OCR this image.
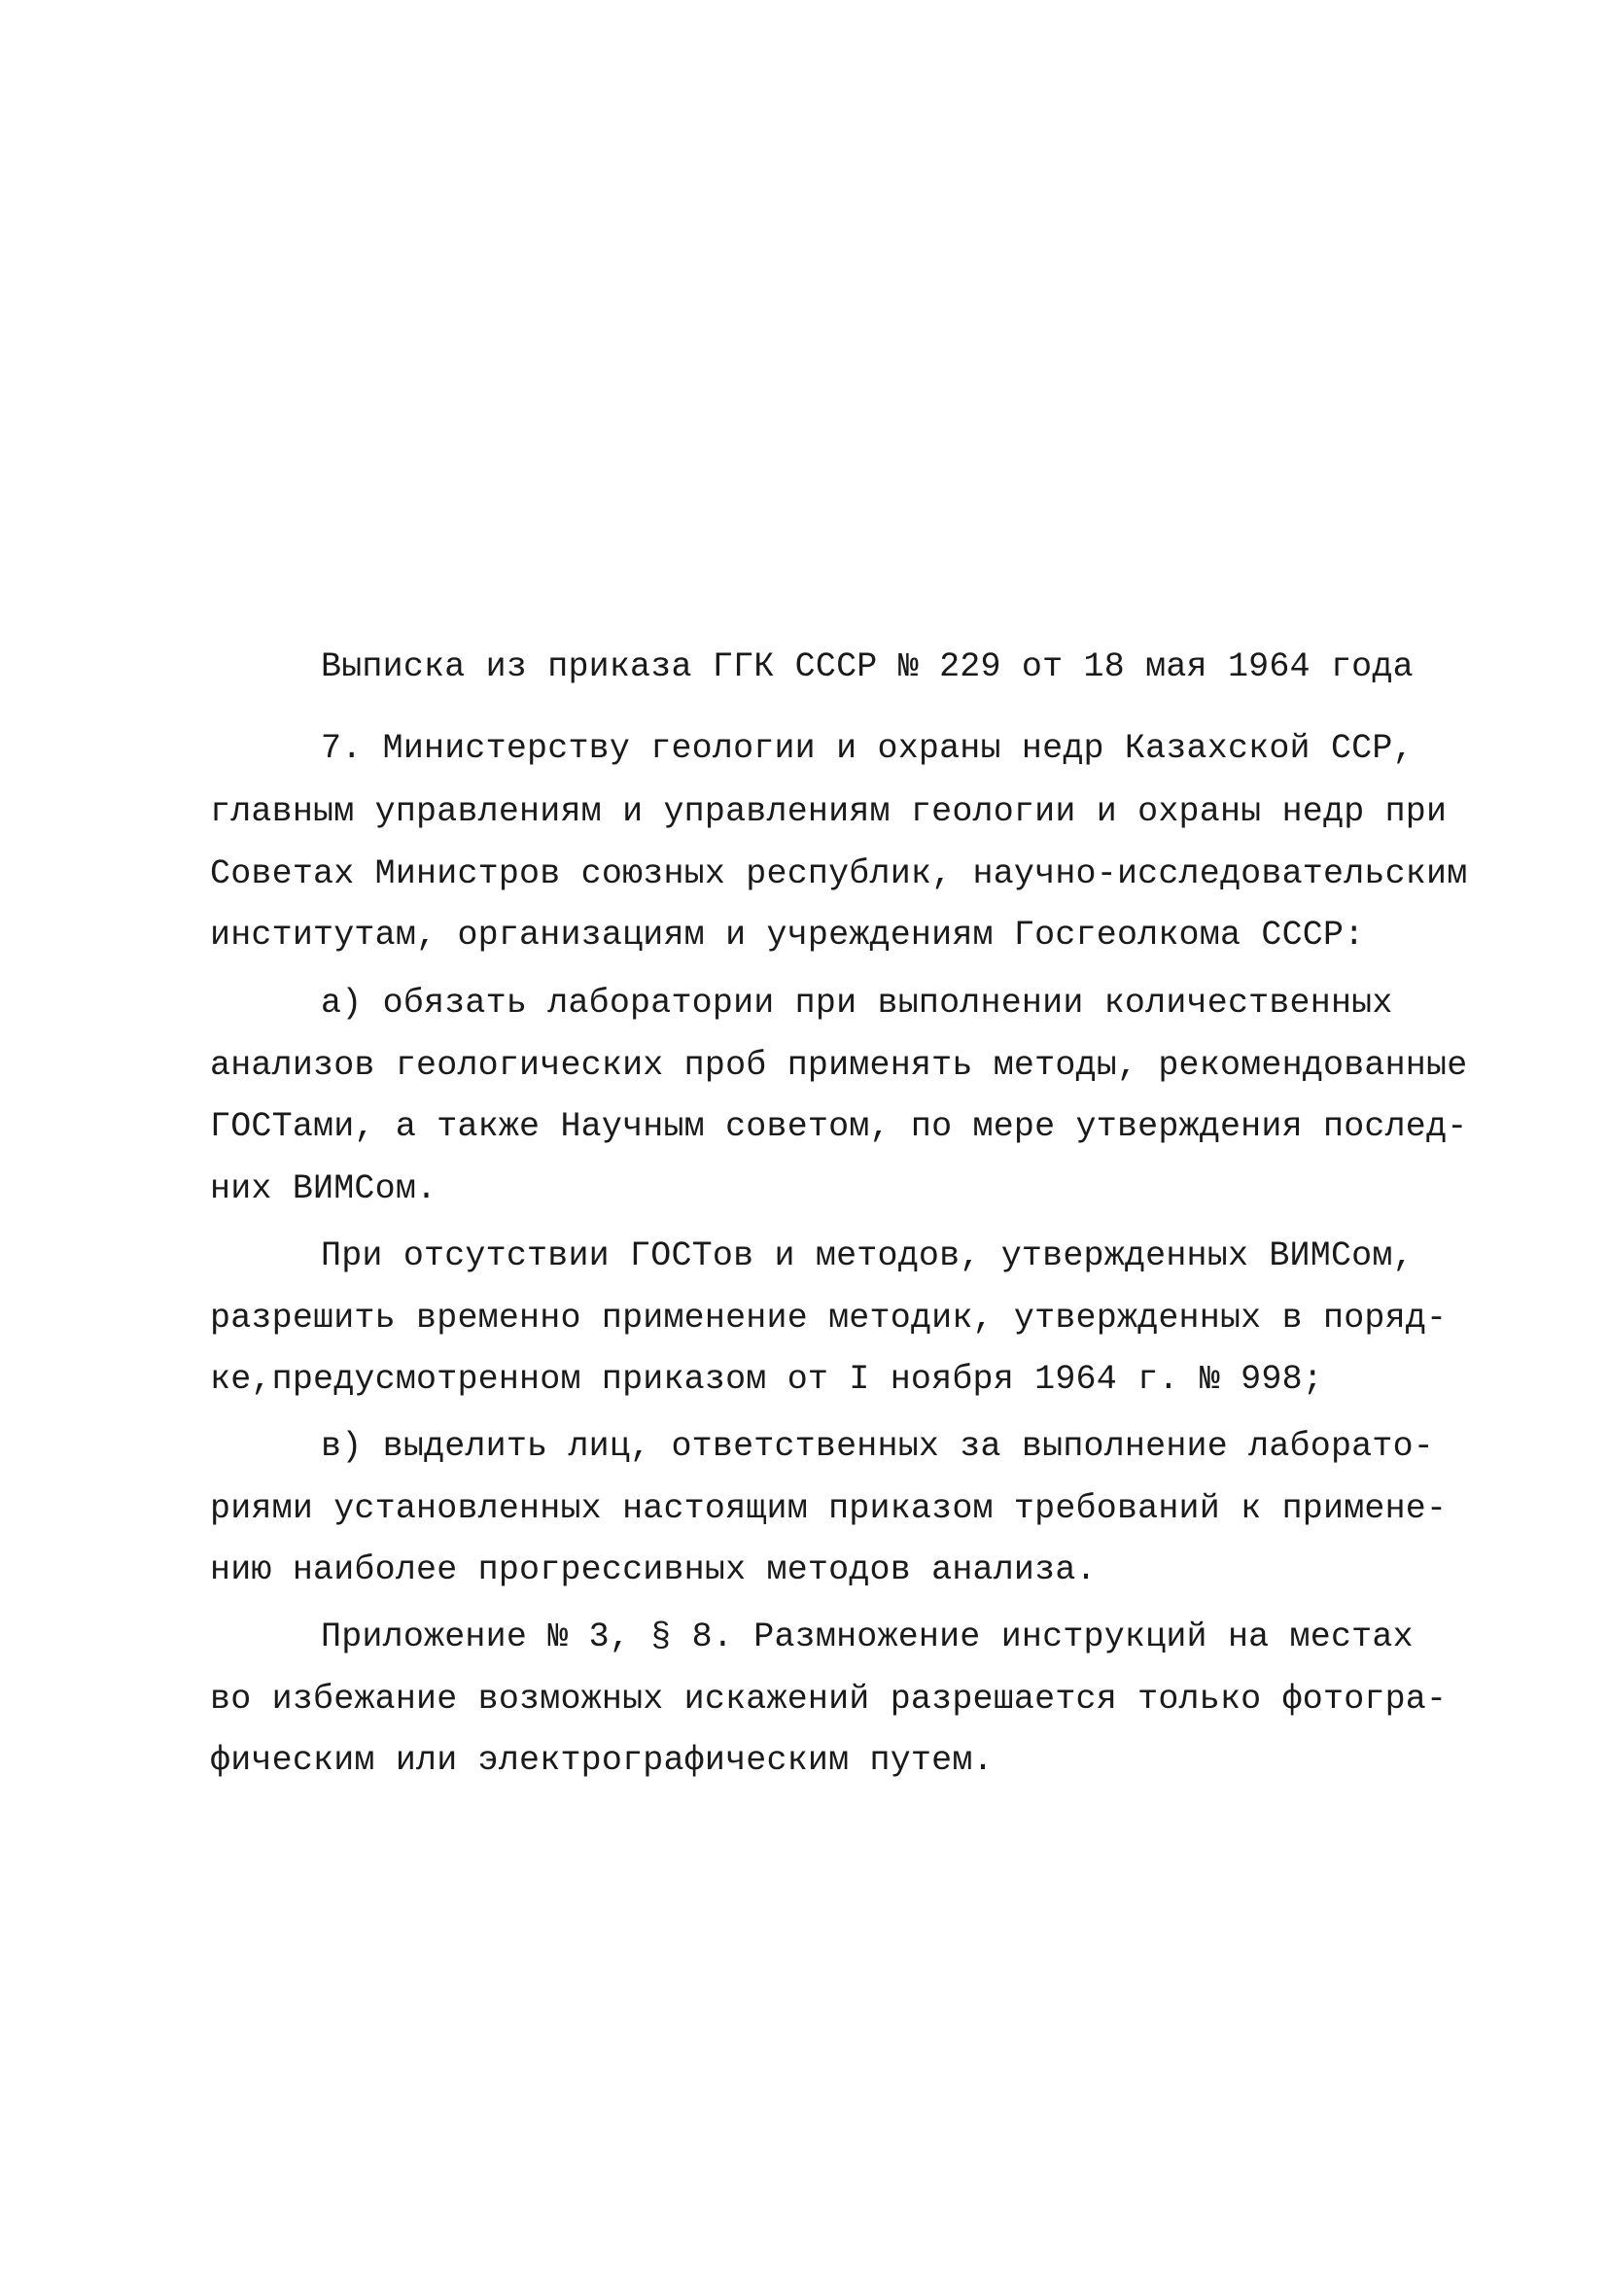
Выписка из приказа ГГК СССР № 229 от 18 мая 1964 года
7. Министерству геологии и охраны недр Казахской ССР,
главным управлениям и управлениям геологии и охраны недр при
Советах Министров союзных республик, научно-исследовательским
институтам, организациям и учреждениям Госгеолкома СССР:
а) обязать лаборатории при выполнении количественных
анализов геологических проб применять методы, рекомендованные
ГОСТами, а также Научным советом, по мере утверждения послед-
них ВИМСом.
При отсутствии ГОСТов и методов, утвержденных ВИМСом,
разрешить временно применение методик, утвержденных в поряд-
ке,предусмотренном приказом от I ноября 1964 г. № 998;
в) выделить лиц, ответственных за выполнение лаборато-
риями установленных настоящим приказом требований к примене-
нию наиболее прогрессивных методов анализа.
Приложение № 3, § 8. Размножение инструкций на местах
во избежание возможных искажений разрешается только фотогра-
фическим или электрографическим путем.
